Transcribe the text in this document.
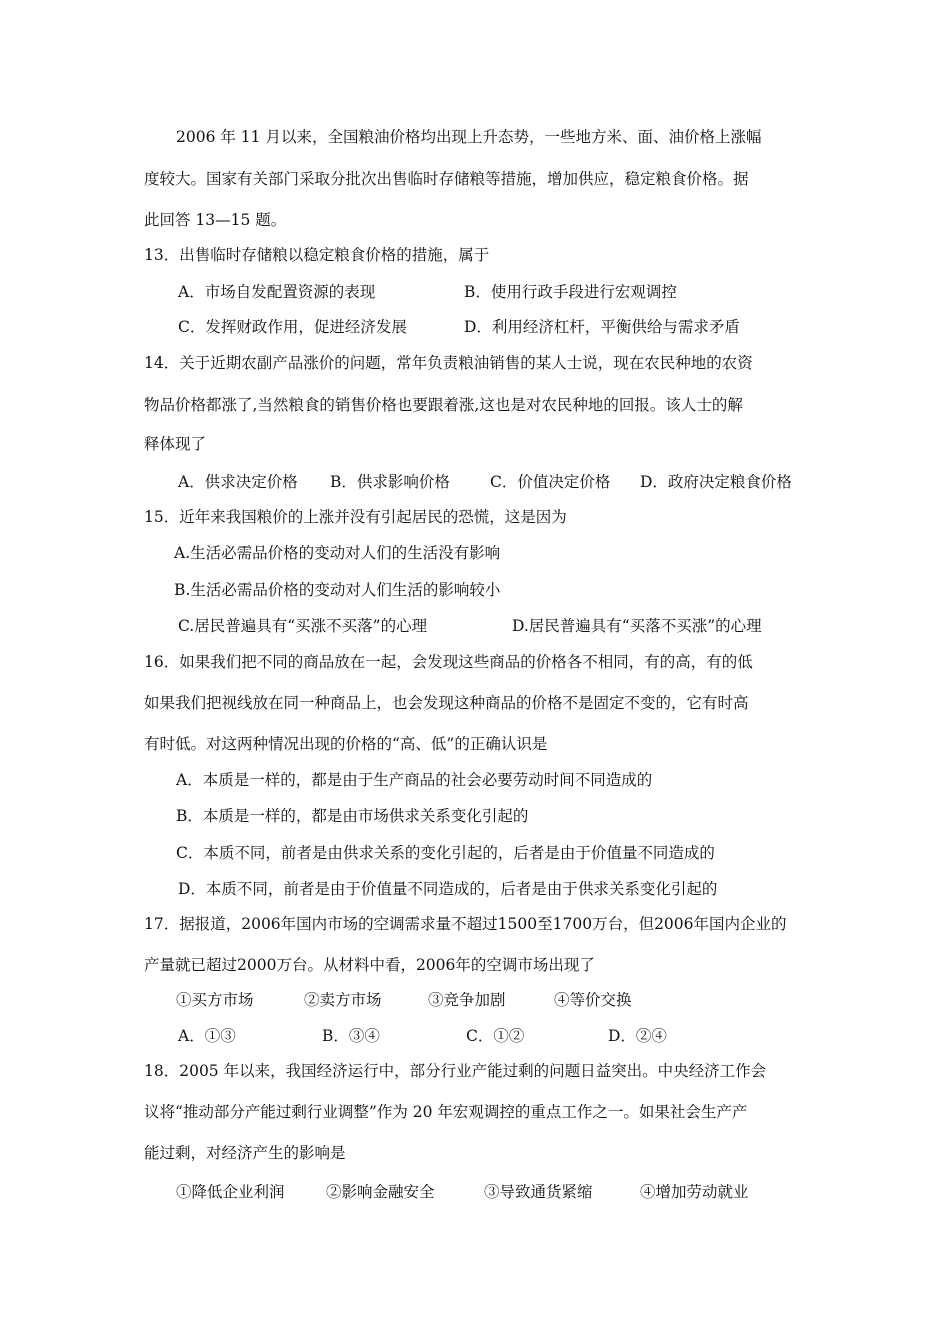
2006 年 11 月以来，全国粮油价格均出现上升态势，一些地方米、面、油价格上涨幅
度较大。国家有关部门采取分批次出售临时存储粮等措施，增加供应，稳定粮食价格。据
此回答 13—15 题。
13．出售临时存储粮以稳定粮食价格的措施，属于
A．市场自发配置资源的表现	B．使用行政手段进行宏观调控
C．发挥财政作用，促进经济发展	D．利用经济杠杆，平衡供给与需求矛盾
14．关于近期农副产品涨价的问题，常年负责粮油销售的某人士说，现在农民种地的农资
物品价格都涨了,当然粮食的销售价格也要跟着涨,这也是对农民种地的回报。该人士的解
释体现了
A．供求决定价格 B．供求影响价格	C．价值决定价格 D．政府决定粮食价格
15．近年来我国粮价的上涨并没有引起居民的恐慌，这是因为
A.生活必需品价格的变动对人们的生活没有影响
B.生活必需品价格的变动对人们生活的影响较小
C.居民普遍具有“买涨不买落”的心理	D.居民普遍具有“买落不买涨”的心理
16．如果我们把不同的商品放在一起，会发现这些商品的价格各不相同，有的高，有的低
如果我们把视线放在同一种商品上，也会发现这种商品的价格不是固定不变的，它有时高
有时低。对这两种情况出现的价格的“高、低”的正确认识是
A．本质是一样的，都是由于生产商品的社会必要劳动时间不同造成的
B．本质是一样的，都是由市场供求关系变化引起的
C．本质不同，前者是由供求关系的变化引起的，后者是由于价值量不同造成的
D．本质不同，前者是由于价值量不同造成的，后者是由于供求关系变化引起的
17．据报道，2006年国内市场的空调需求量不超过1500至1700万台，但2006年国内企业的
产量就已超过2000万台。从材料中看，2006年的空调市场出现了
①买方市场	②卖方市场	③竞争加剧	④等价交换
A．①③	B．③④	C．①②	D．②④
18．2005 年以来，我国经济运行中，部分行业产能过剩的问题日益突出。中央经济工作会
议将“推动部分产能过剩行业调整”作为 20 年宏观调控的重点工作之一。如果社会生产产
能过剩，对经济产生的影响是
①降低企业利润	②影响金融安全	③导致通货紧缩	④增加劳动就业
